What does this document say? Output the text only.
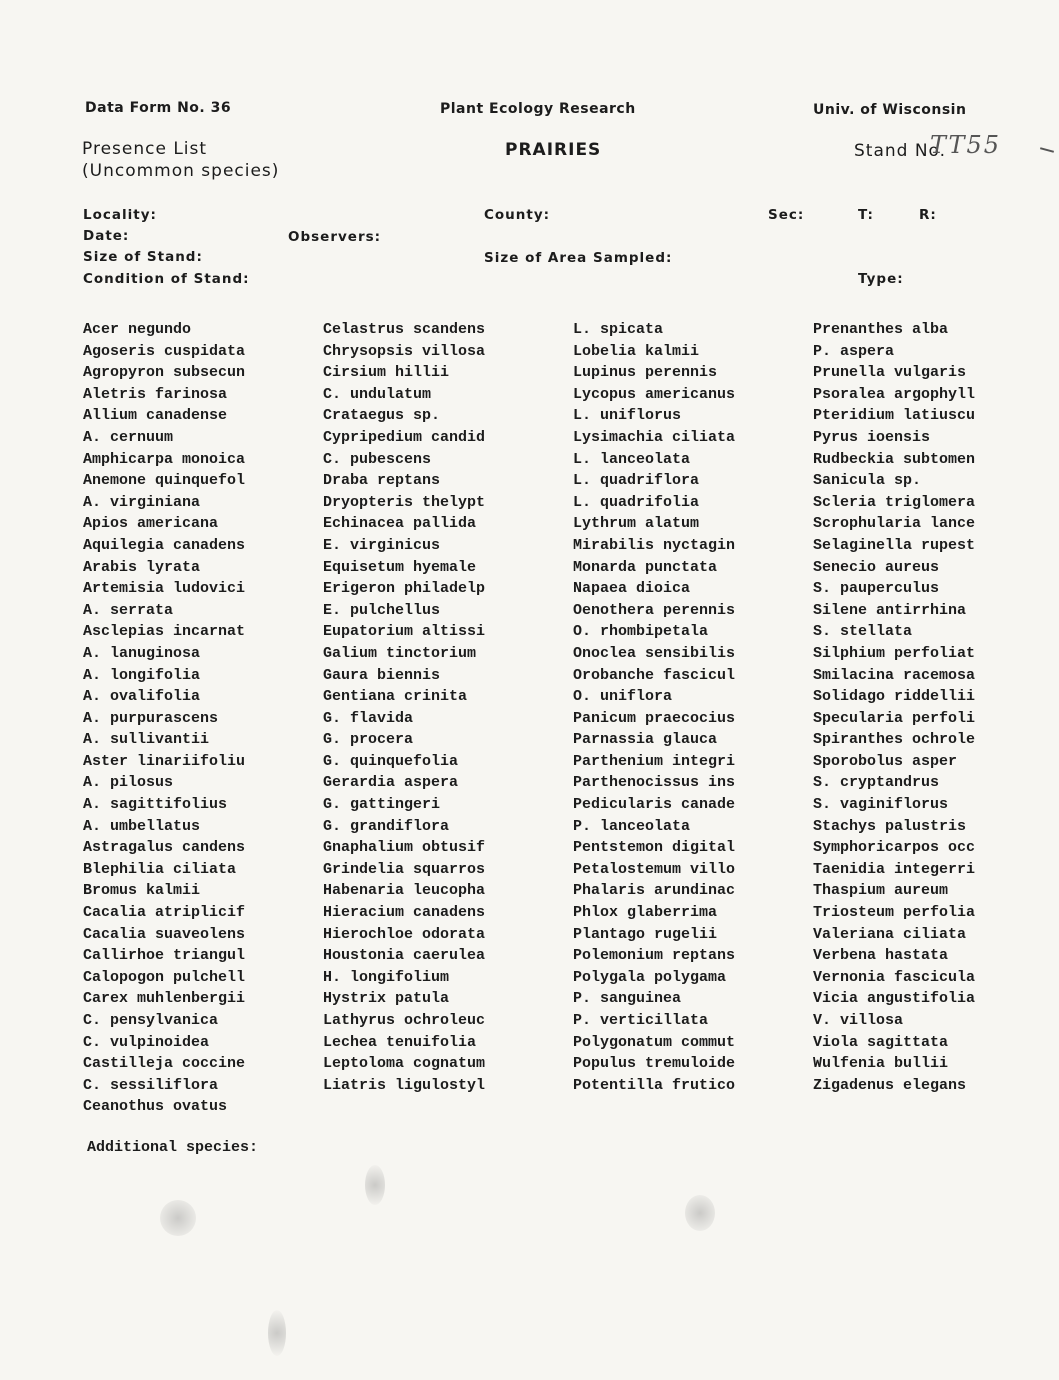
Data Form No. 36	Plant Ecology Research	Univ. of Wisconsin
Presence List
(Uncommon species)
PRAIRIES	Stand No.
TT55
Locality:	County:	Sec:	T:	R:
Date:	Observers:
Size of Stand:	Size of Area Sampled:
Condition of Stand:	Type:
Acer negundo
Agoseris cuspidata
Agropyron subsecun
Aletris farinosa
Allium canadense
A. cernuum
Amphicarpa monoica
Anemone quinquefol
A. virginiana
Apios americana
Aquilegia canadens
Arabis lyrata
Artemisia ludovici
A. serrata
Asclepias incarnat
A. lanuginosa
A. longifolia
A. ovalifolia
A. purpurascens
A. sullivantii
Aster linariifoliu
A. pilosus
A. sagittifolius
A. umbellatus
Astragalus candens
Blephilia ciliata
Bromus kalmii
Cacalia atriplicif
Cacalia suaveolens
Callirhoe triangul
Calopogon pulchell
Carex muhlenbergii
C. pensylvanica
C. vulpinoidea
Castilleja coccine
C. sessiliflora
Ceanothus ovatus
Celastrus scandens
Chrysopsis villosa
Cirsium hillii
C. undulatum
Crataegus sp.
Cypripedium candid
C. pubescens
Draba reptans
Dryopteris thelypt
Echinacea pallida
E. virginicus
Equisetum hyemale
Erigeron philadelp
E. pulchellus
Eupatorium altissi
Galium tinctorium
Gaura biennis
Gentiana crinita
G. flavida
G. procera
G. quinquefolia
Gerardia aspera
G. gattingeri
G. grandiflora
Gnaphalium obtusif
Grindelia squarros
Habenaria leucopha
Hieracium canadens
Hierochloe odorata
Houstonia caerulea
H. longifolium
Hystrix patula
Lathyrus ochroleuc
Lechea tenuifolia
Leptoloma cognatum
Liatris ligulostyl
L. spicata
Lobelia kalmii
Lupinus perennis
Lycopus americanus
L. uniflorus
Lysimachia ciliata
L. lanceolata
L. quadriflora
L. quadrifolia
Lythrum alatum
Mirabilis nyctagin
Monarda punctata
Napaea dioica
Oenothera perennis
O. rhombipetala
Onoclea sensibilis
Orobanche fascicul
O. uniflora
Panicum praecocius
Parnassia glauca
Parthenium integri
Parthenocissus ins
Pedicularis canade
P. lanceolata
Pentstemon digital
Petalostemum villo
Phalaris arundinac
Phlox glaberrima
Plantago rugelii
Polemonium reptans
Polygala polygama
P. sanguinea
P. verticillata
Polygonatum commut
Populus tremuloide
Potentilla frutico
Prenanthes alba
P. aspera
Prunella vulgaris
Psoralea argophyll
Pteridium latiuscu
Pyrus ioensis
Rudbeckia subtomen
Sanicula sp.
Scleria triglomera
Scrophularia lance
Selaginella rupest
Senecio aureus
S. pauperculus
Silene antirrhina
S. stellata
Silphium perfoliat
Smilacina racemosa
Solidago riddellii
Specularia perfoli
Spiranthes ochrole
Sporobolus asper
S. cryptandrus
S. vaginiflorus
Stachys palustris
Symphoricarpos occ
Taenidia integerri
Thaspium aureum
Triosteum perfolia
Valeriana ciliata
Verbena hastata
Vernonia fascicula
Vicia angustifolia
V. villosa
Viola sagittata
Wulfenia bullii
Zigadenus elegans
Additional species:
